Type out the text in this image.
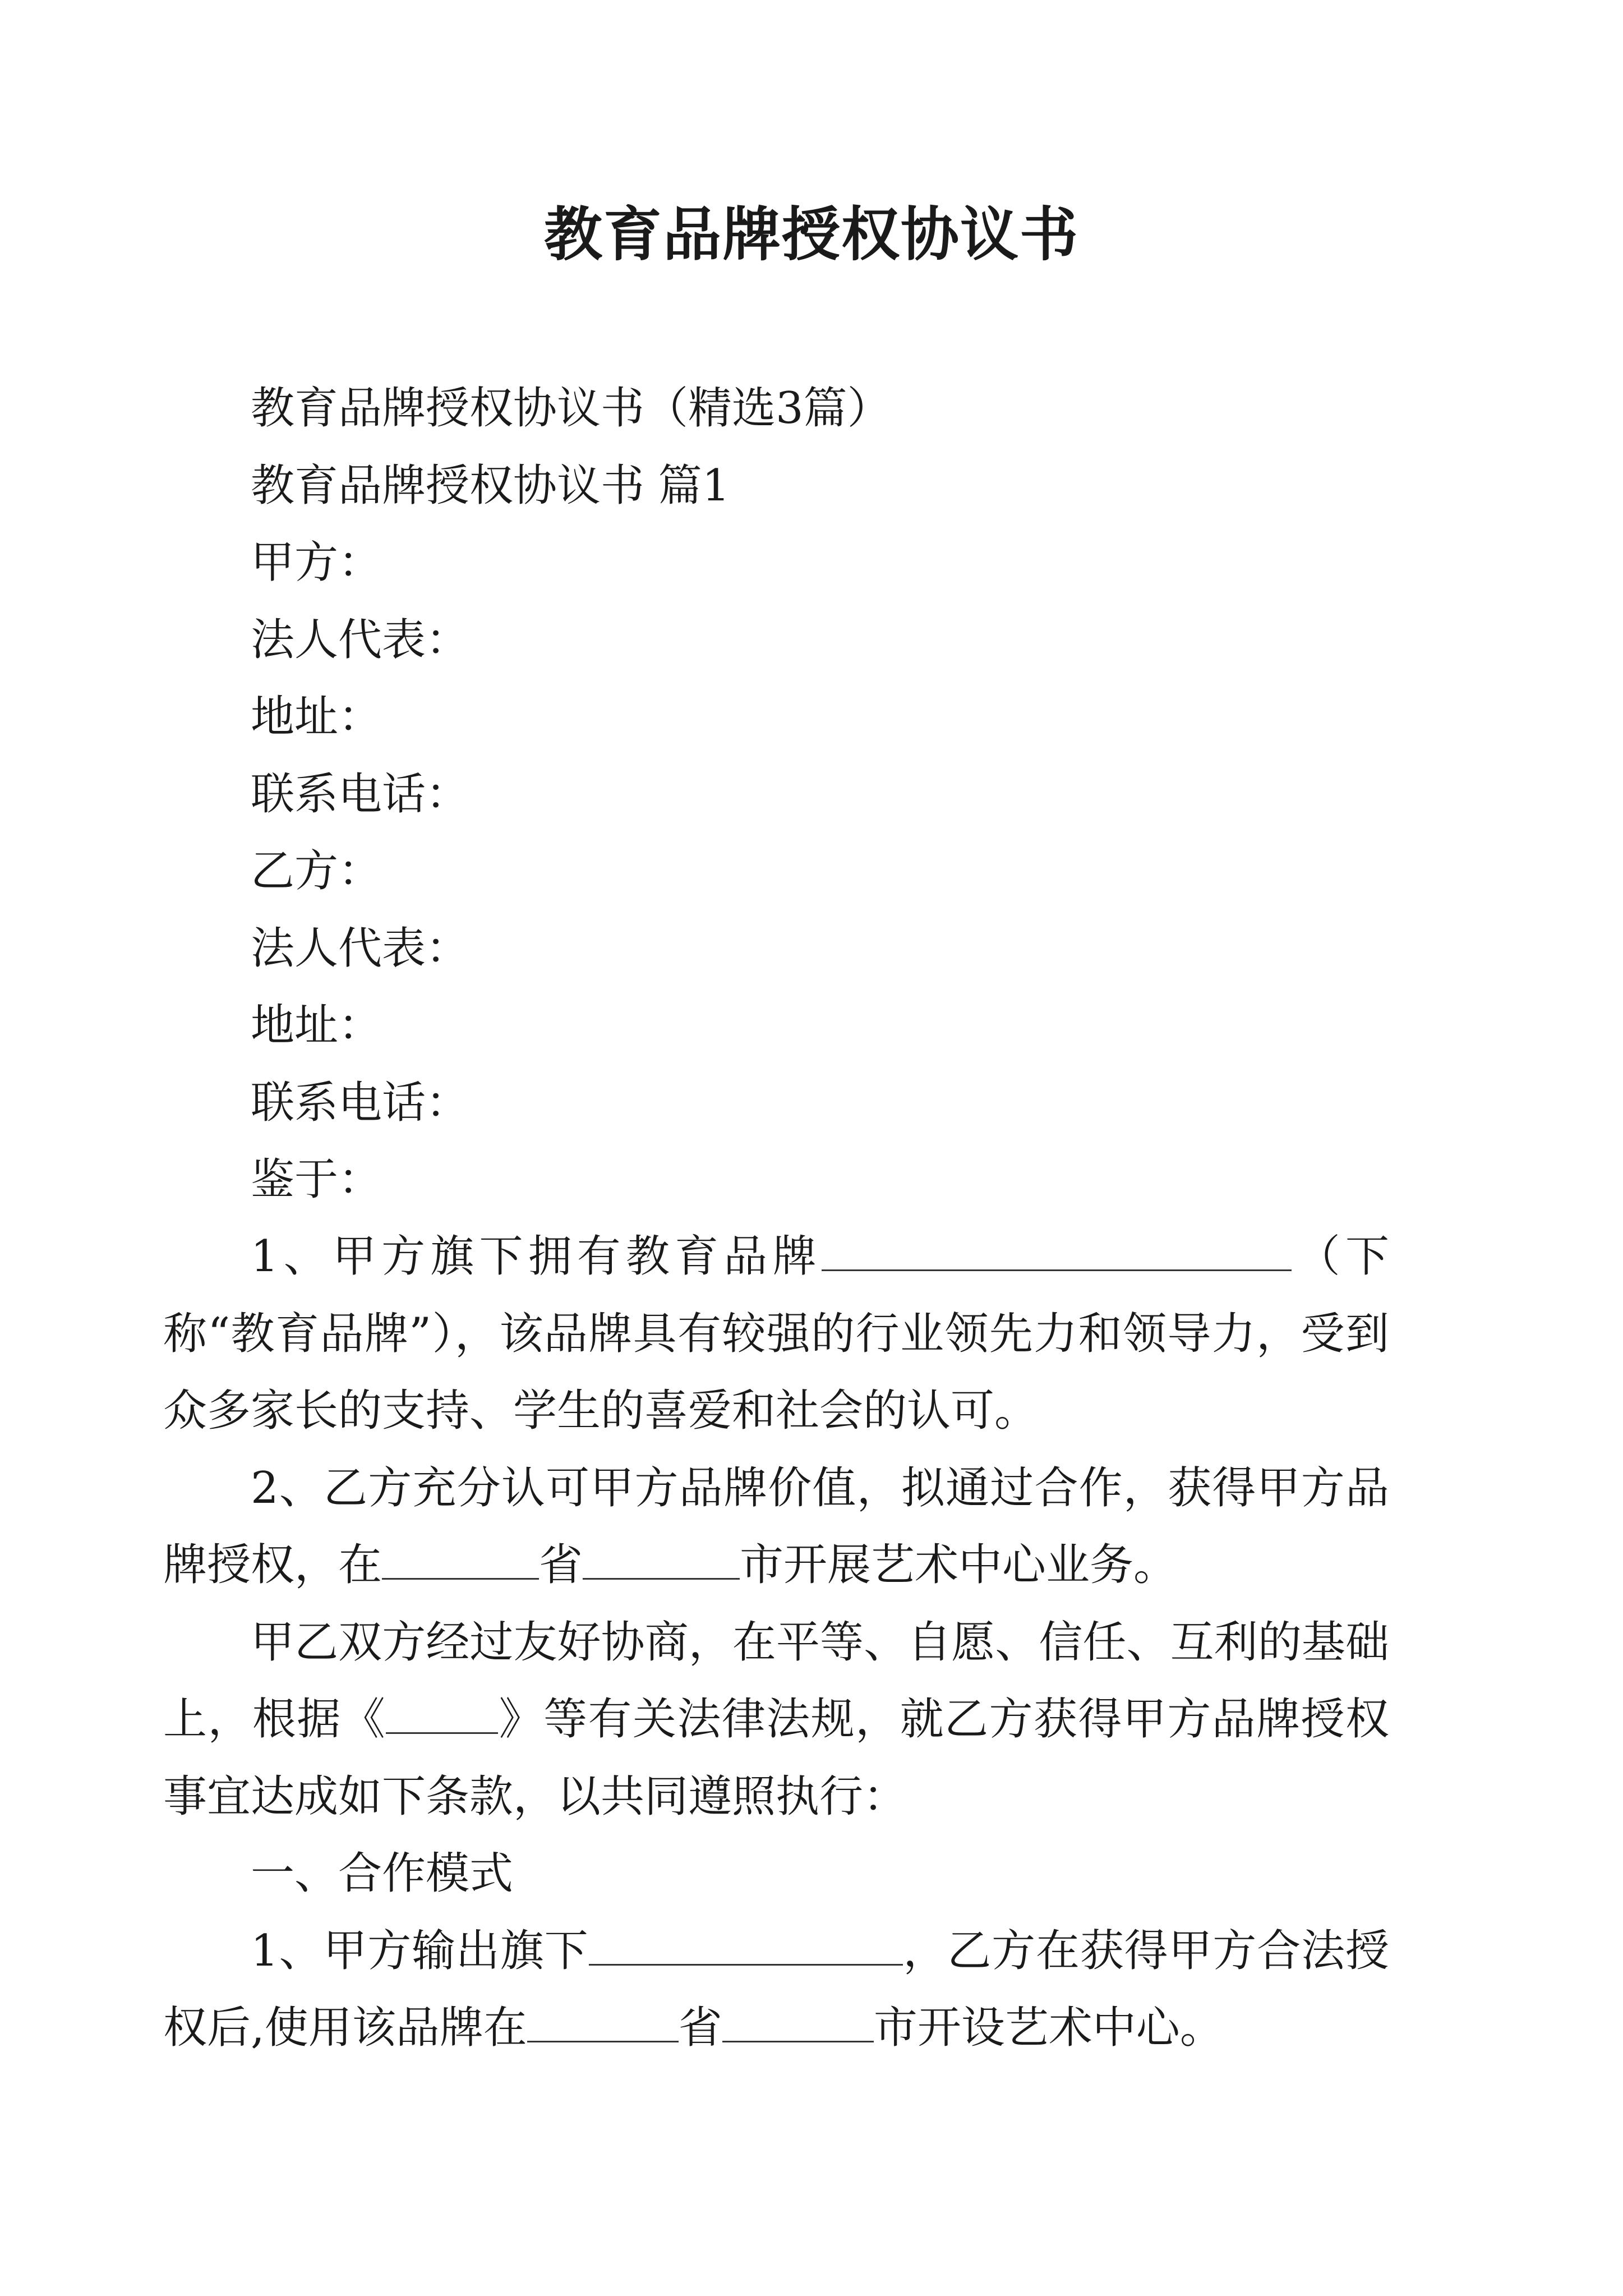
教育品牌授权协议书

教育品牌授权协议书（精选3篇）

教育品牌授权协议书 篇1

甲方：

法人代表：

地址：

联系电话：

乙方：

法人代表：

地址：

联系电话：

鉴于：

1、甲方旗下拥有教育品牌	（下称“教育品牌”），该品牌具有较强的行业领先力和领导力，受到众多家长的支持、学生的喜爱和社会的认可。

2、乙方充分认可甲方品牌价值，拟通过合作，获得甲方品牌授权，在	省	市开展艺术中心业务。

甲乙双方经过友好协商，在平等、自愿、信任、互利的基础上，根据《	》等有关法律法规，就乙方获得甲方品牌授权事宜达成如下条款，以共同遵照执行：

一、合作模式

1、甲方输出旗下	，乙方在获得甲方合法授权后,使用该品牌在	省	市开设艺术中心。
